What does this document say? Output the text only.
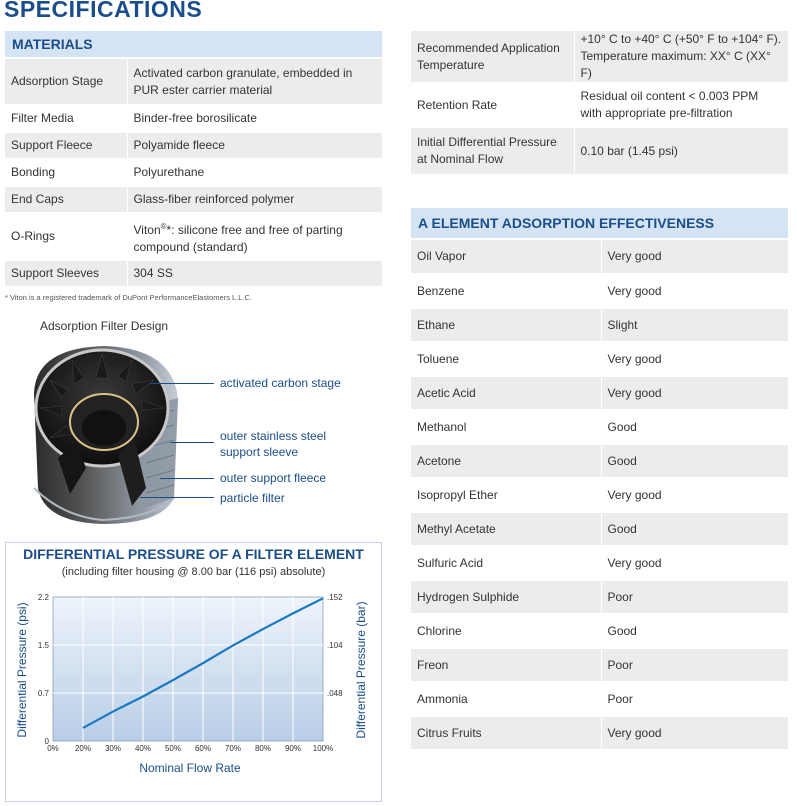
SPECIFICATIONS
MATERIALS
Adsorption Stage	Activated carbon granulate, embedded in PUR ester carrier material
Filter Media	Binder-free borosilicate
Support Fleece	Polyamide fleece
Bonding	Polyurethane
End Caps	Glass-fiber reinforced polymer
O-Rings	Viton®*: silicone free and free of parting compound (standard)
Support Sleeves	304 SS
* Viton is a registered trademark of DuPont PerformanceElastomers L.L.C.
Recommended Application Temperature	+10° C to +40° C (+50° F to +104° F). Temperature maximum: XX° C (XX° F)
Retention Rate	Residual oil content < 0.003 PPM with appropriate pre-filtration
Initial Differential Pressure at Nominal Flow	0.10 bar (1.45 psi)
Adsorption Filter Design
activated carbon stage
outer stainless steel
support sleeve
outer support fleece
particle filter
DIFFERENTIAL PRESSURE OF A FILTER ELEMENT
(including filter housing @ 8.00 bar (116 psi) absolute)
0% 20% 30% 40% 50% 60% 70% 80% 90% 100%
0
0.7
1.5
2.2
.048
.104
.152
Differential Pressure (psi)	Differential Pressure (bar)
Nominal Flow Rate
A ELEMENT ADSORPTION EFFECTIVENESS
Oil Vapor	Very good
Benzene	Very good
Ethane	Slight
Toluene	Very good
Acetic Acid	Very good
Methanol	Good
Acetone	Good
Isopropyl Ether	Very good
Methyl Acetate	Good
Sulfuric Acid	Very good
Hydrogen Sulphide	Poor
Chlorine	Good
Freon	Poor
Ammonia	Poor
Citrus Fruits	Very good
